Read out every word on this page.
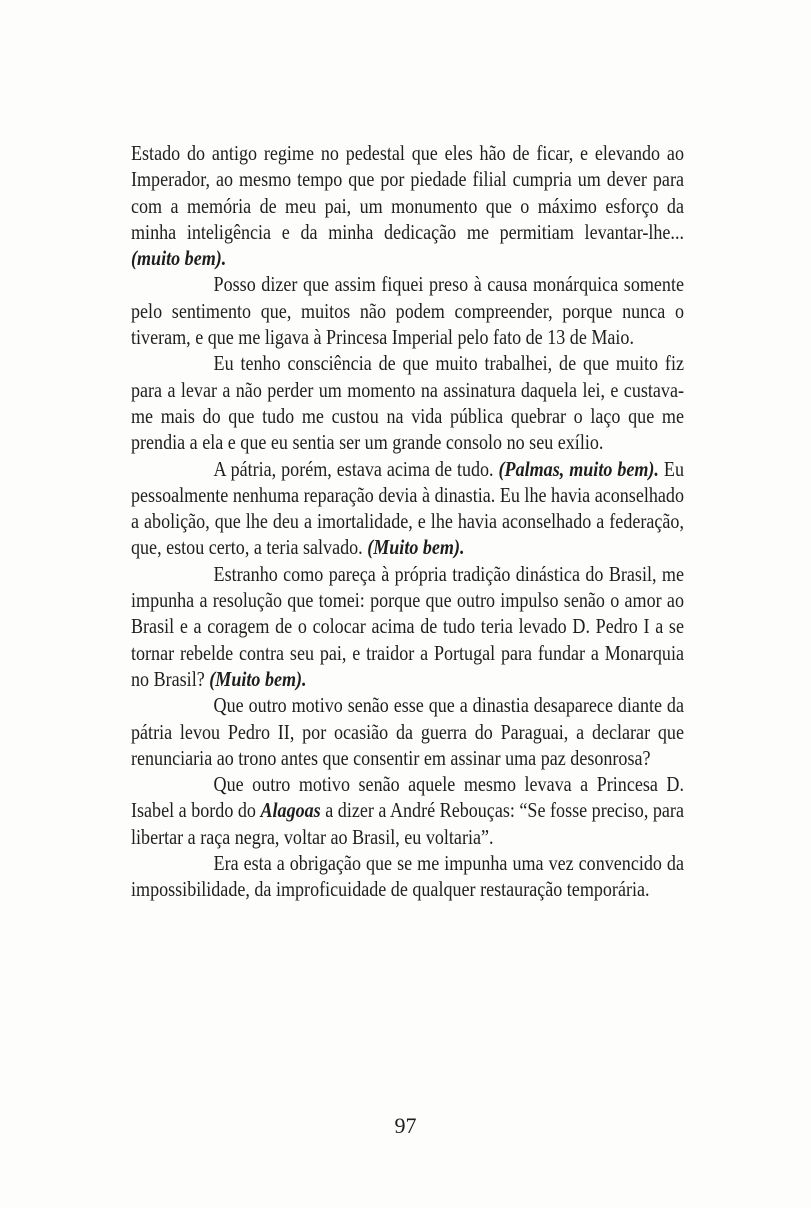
Estado do antigo regime no pedestal que eles hão de ficar, e elevando ao Imperador, ao mesmo tempo que por piedade filial cumpria um dever para com a memória de meu pai, um monumento que o máximo esforço da minha inteligência e da minha dedicação me permitiam levantar-lhe... (muito bem).

Posso dizer que assim fiquei preso à causa monárquica somente pelo sentimento que, muitos não podem compreender, porque nunca o tiveram, e que me ligava à Princesa Imperial pelo fato de 13 de Maio.

Eu tenho consciência de que muito trabalhei, de que muito fiz para a levar a não perder um momento na assinatura daquela lei, e custava-me mais do que tudo me custou na vida pública quebrar o laço que me prendia a ela e que eu sentia ser um grande consolo no seu exílio.

A pátria, porém, estava acima de tudo. (Palmas, muito bem). Eu pessoalmente nenhuma reparação devia à dinastia. Eu lhe havia aconselhado a abolição, que lhe deu a imortalidade, e lhe havia aconselhado a federação, que, estou certo, a teria salvado. (Muito bem).

Estranho como pareça à própria tradição dinástica do Brasil, me impunha a resolução que tomei: porque que outro impulso senão o amor ao Brasil e a coragem de o colocar acima de tudo teria levado D. Pedro I a se tornar rebelde contra seu pai, e traidor a Portugal para fundar a Monarquia no Brasil? (Muito bem).

Que outro motivo senão esse que a dinastia desaparece diante da pátria levou Pedro II, por ocasião da guerra do Paraguai, a declarar que renunciaria ao trono antes que consentir em assinar uma paz desonrosa?

Que outro motivo senão aquele mesmo levava a Princesa D. Isabel a bordo do Alagoas a dizer a André Rebouças: “Se fosse preciso, para libertar a raça negra, voltar ao Brasil, eu voltaria”.

Era esta a obrigação que se me impunha uma vez convencido da impossibilidade, da improficuidade de qualquer restauração temporária.

97
